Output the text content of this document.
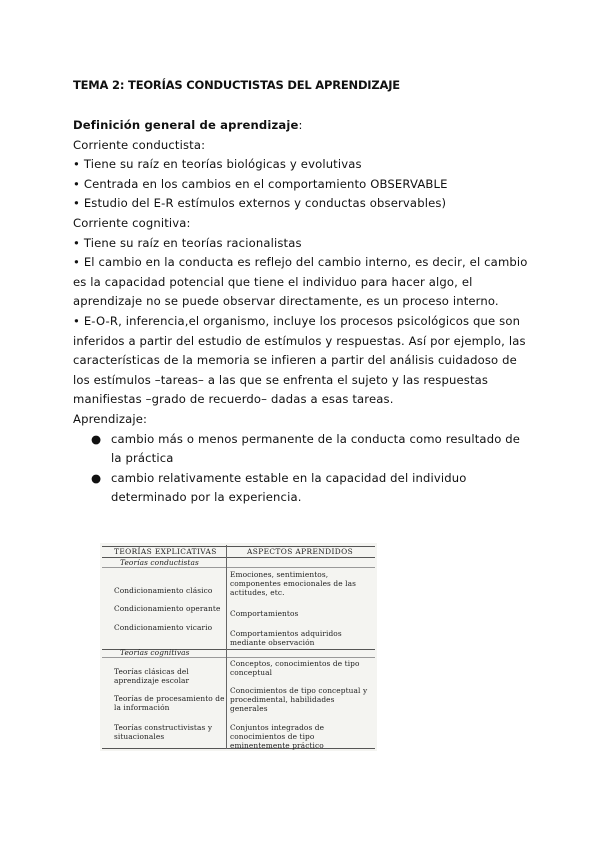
TEMA 2: TEORÍAS CONDUCTISTAS DEL APRENDIZAJE
Definición general de aprendizaje:
Corriente conductista:
• Tiene su raíz en teorías biológicas y evolutivas
• Centrada en los cambios en el comportamiento OBSERVABLE
• Estudio del E-R estímulos externos y conductas observables)
Corriente cognitiva:
• Tiene su raíz en teorías racionalistas
• El cambio en la conducta es reflejo del cambio interno, es decir, el cambio es la capacidad potencial que tiene el individuo para hacer algo, el aprendizaje no se puede observar directamente, es un proceso interno.
• E-O-R, inferencia,el organismo, incluye los procesos psicológicos que son inferidos a partir del estudio de estímulos y respuestas. Así por ejemplo, las características de la memoria se infieren a partir del análisis cuidadoso de los estímulos –tareas– a las que se enfrenta el sujeto y las respuestas manifiestas –grado de recuerdo– dadas a esas tareas.
Aprendizaje:
● cambio más o menos permanente de la conducta como resultado de la práctica
● cambio relativamente estable en la capacidad del individuo determinado por la experiencia.
TEORÍAS EXPLICATIVAS	ASPECTOS APRENDIDOS
Teorías conductistas
Condicionamiento clásico
Condicionamiento operante
Condicionamiento vicario
Emociones, sentimientos, componentes emocionales de las actitudes, etc.
Comportamientos
Comportamientos adquiridos mediante observación
Teorías cognitivas
Teorías clásicas del aprendizaje escolar
Teorías de procesamiento de la información
Teorías constructivistas y situacionales
Conceptos, conocimientos de tipo conceptual
Conocimientos de tipo conceptual y procedimental, habilidades generales
Conjuntos integrados de conocimientos de tipo eminentemente práctico
